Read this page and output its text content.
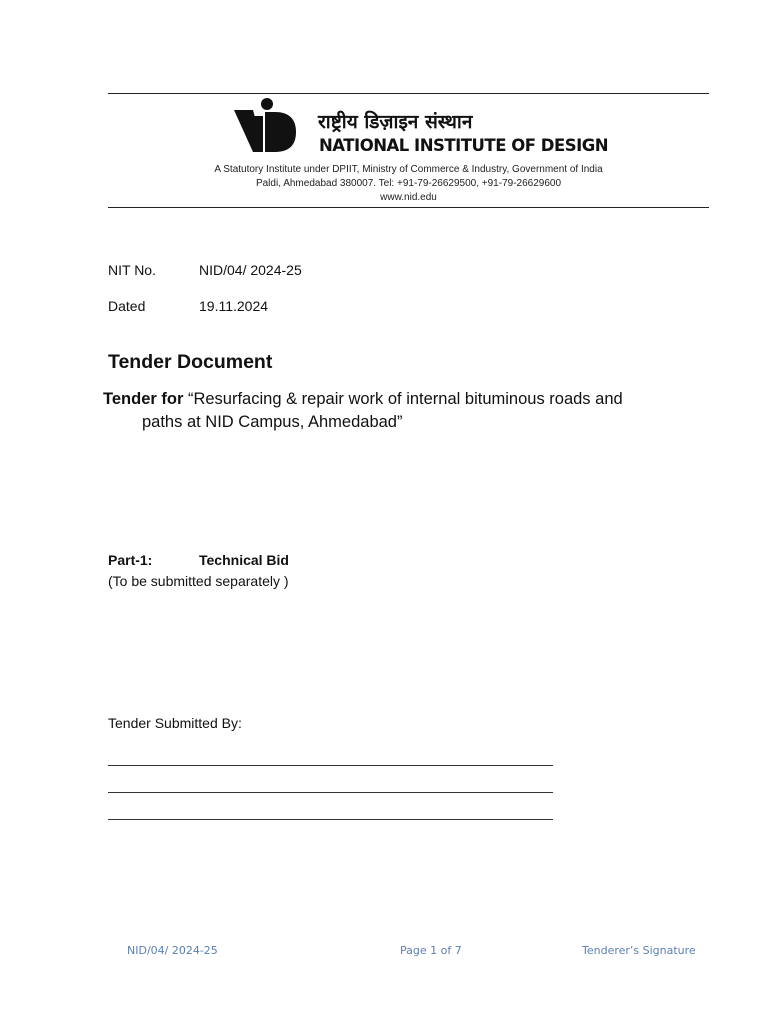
राष्ट्रीय डिज़ाइन संस्थान
NATIONAL INSTITUTE OF DESIGN
A Statutory Institute under DPIIT, Ministry of Commerce & Industry, Government of India
Paldi, Ahmedabad 380007. Tel: +91-79-26629500, +91-79-26629600
www.nid.edu
NIT No.	NID/04/ 2024-25
Dated	19.11.2024
Tender Document
Tender for “Resurfacing & repair work of internal bituminous roads and
paths at NID Campus, Ahmedabad”
Part-1:	Technical Bid
(To be submitted separately )
Tender Submitted By:
NID/04/ 2024-25	Page 1 of 7	Tenderer’s Signature
